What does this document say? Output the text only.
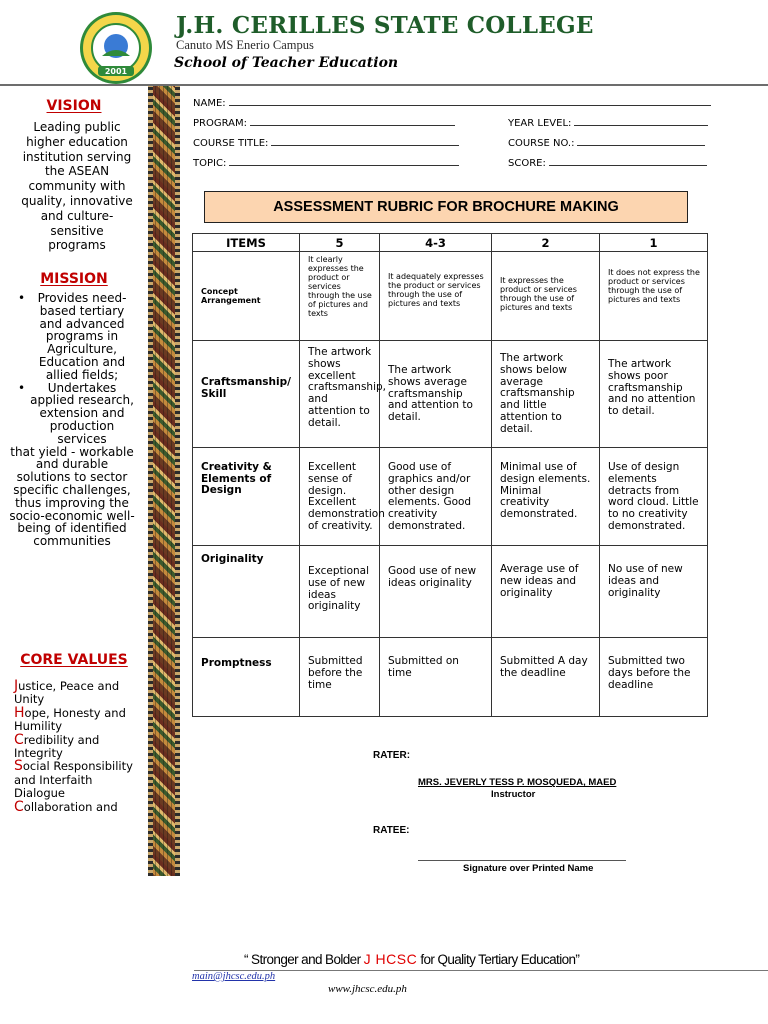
2001
J.H. CERILLES STATE COLLEGE
Canuto MS Enerio Campus
School of Teacher Education
VISION
Leading public higher education institution serving the ASEAN community with quality, innovative and culture-sensitive programs
MISSION
•	Provides need-based tertiary and advanced programs in Agriculture, Education and allied fields;
•	Undertakes applied research, extension and production services
that yield - workable and durable solutions to sector specific challenges, thus improving the socio-economic well- being of identified communities
CORE VALUES
Justice, Peace and Unity
Hope, Honesty and Humility
Credibility and Integrity
Social Responsibility and Interfaith Dialogue
Collaboration and
NAME:
PROGRAM:	YEAR LEVEL:
COURSE TITLE:	COURSE NO.:
TOPIC:	SCORE:
ASSESSMENT RUBRIC FOR BROCHURE MAKING
ITEMS	5	4-3	2	1

Concept Arrangement	It clearly expresses the product or services through the use of pictures and texts	It adequately expresses the product or services through the use of pictures and texts	It expresses the product or services through the use of pictures and texts	It does not express the product or services through the use of pictures and texts

Craftsmanship/ Skill	The artwork shows excellent craftsmanship, and attention to detail.	The artwork shows average craftsmanship and attention to detail.	The artwork shows below average craftsmanship and little attention to detail.	The artwork shows poor craftsmanship and no attention to detail.

Creativity & Elements of Design	Excellent sense of design. Excellent demonstration of creativity.	Good use of graphics and/or other design elements. Good creativity demonstrated.	Minimal use of design elements. Minimal creativity demonstrated.	Use of design elements detracts from word cloud. Little to no creativity demonstrated.

Originality	Exceptional use of new ideas originality	Good use of new ideas originality	Average use of new ideas and originality	No use of new ideas and originality

Promptness	Submitted before the time	Submitted on time	Submitted A day the deadline	Submitted two days before the deadline
RATER:
MRS. JEVERLY TESS P. MOSQUEDA, MAED
Instructor
RATEE:
Signature over Printed Name
“ Stronger and Bolder J HCSC for Quality Tertiary Education”
main@jhcsc.edu.ph
www.jhcsc.edu.ph
